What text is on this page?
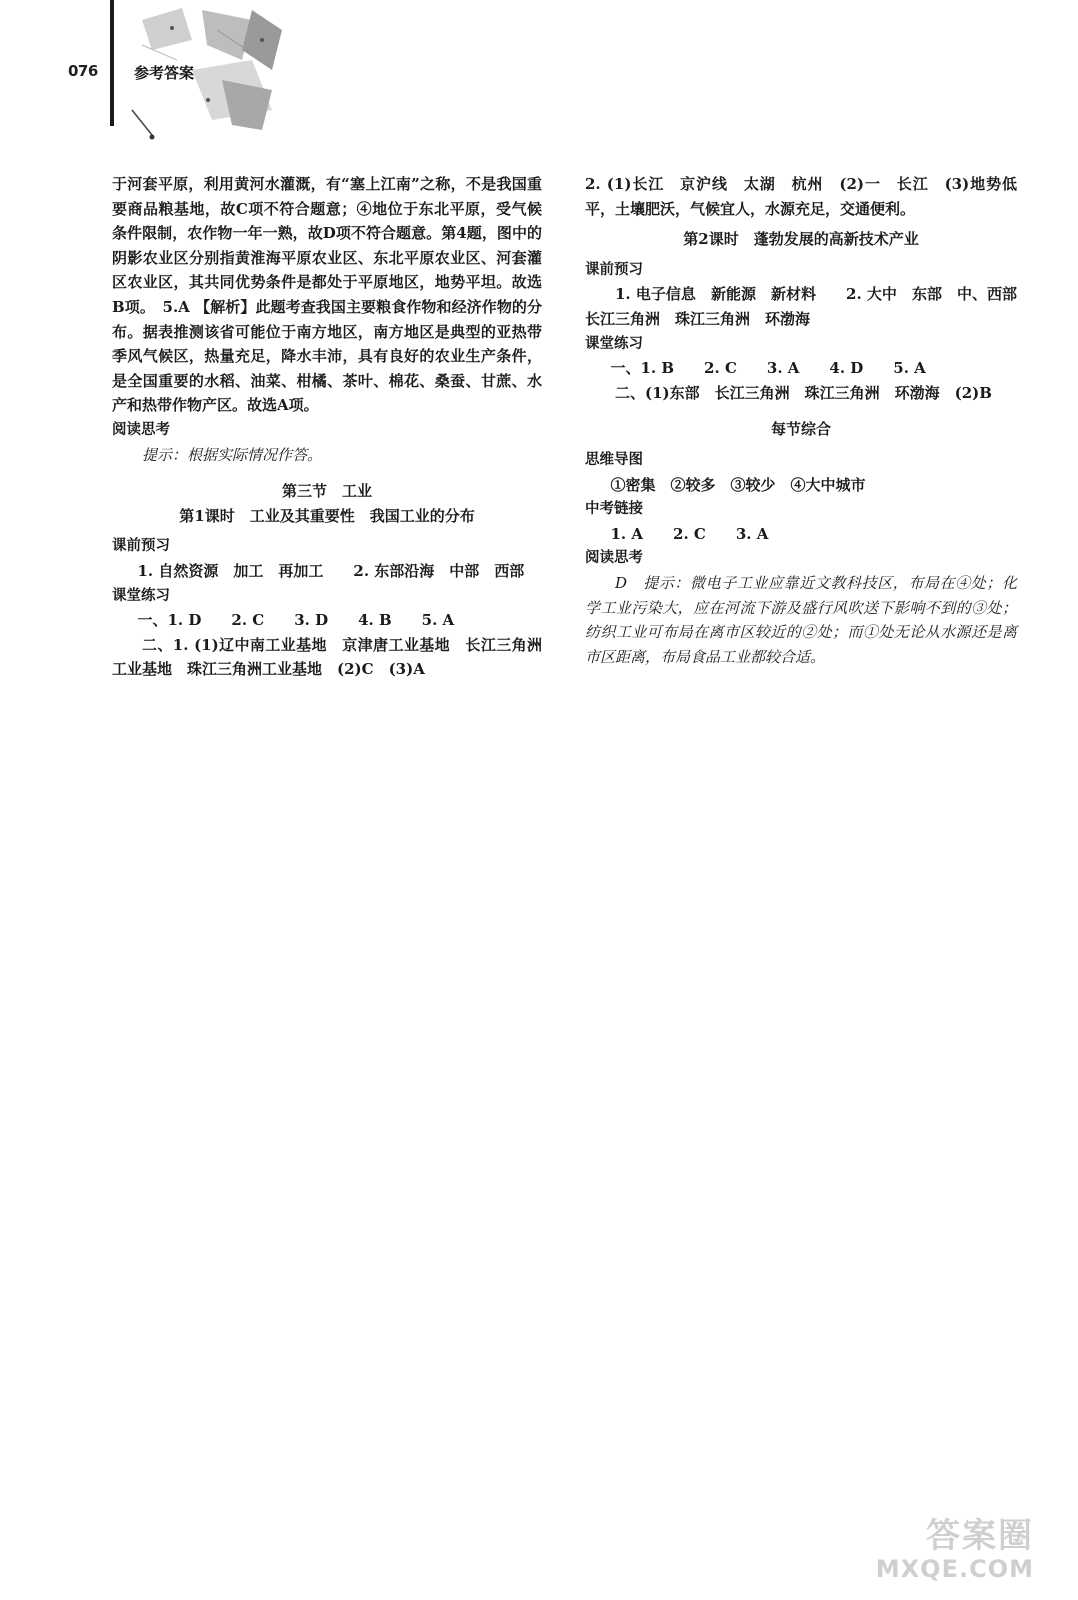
076 参考答案

于河套平原，利用黄河水灌溉，有“塞上江南”之称，不是我国重要商品粮基地，故C项不符合题意；④地位于东北平原，受气候条件限制，农作物一年一熟，故D项不符合题意。第4题，图中的阴影农业区分别指黄淮海平原农业区、东北平原农业区、河套灌区农业区，其共同优势条件是都处于平原地区，地势平坦。故选B项。　5.A 【解析】此题考查我国主要粮食作物和经济作物的分布。据表推测该省可能位于南方地区，南方地区是典型的亚热带季风气候区，热量充足，降水丰沛，具有良好的农业生产条件，是全国重要的水稻、油菜、柑橘、茶叶、棉花、桑蚕、甘蔗、水产和热带作物产区。故选A项。

阅读思考

提示：根据实际情况作答。

第三节　工业

第1课时　工业及其重要性　我国工业的分布

课前预习

1. 自然资源　加工　再加工　　2. 东部沿海　中部　西部

课堂练习

一、1. D　　2. C　　3. D　　4. B　　5. A

二、1. (1)辽中南工业基地　京津唐工业基地　长江三角洲工业基地　珠江三角洲工业基地　(2)C　(3)A

2. (1)长江　京沪线　太湖　杭州　(2)一　长江　(3)地势低平，土壤肥沃，气候宜人，水源充足，交通便利。

第2课时　蓬勃发展的高新技术产业

课前预习

1. 电子信息　新能源　新材料　　2. 大中　东部　中、西部　长江三角洲　珠江三角洲　环渤海

课堂练习

一、1. B　　2. C　　3. A　　4. D　　5. A

二、(1)东部　长江三角洲　珠江三角洲　环渤海　(2)B

每节综合

思维导图

①密集　②较多　③较少　④大中城市

中考链接

1. A　　2. C　　3. A

阅读思考

D　提示：微电子工业应靠近文教科技区，布局在④处；化学工业污染大，应在河流下游及盛行风吹送下影响不到的③处；纺织工业可布局在离市区较近的②处；而①处无论从水源还是离市区距离，布局食品工业都较合适。

答案圈
MXQE.COM
